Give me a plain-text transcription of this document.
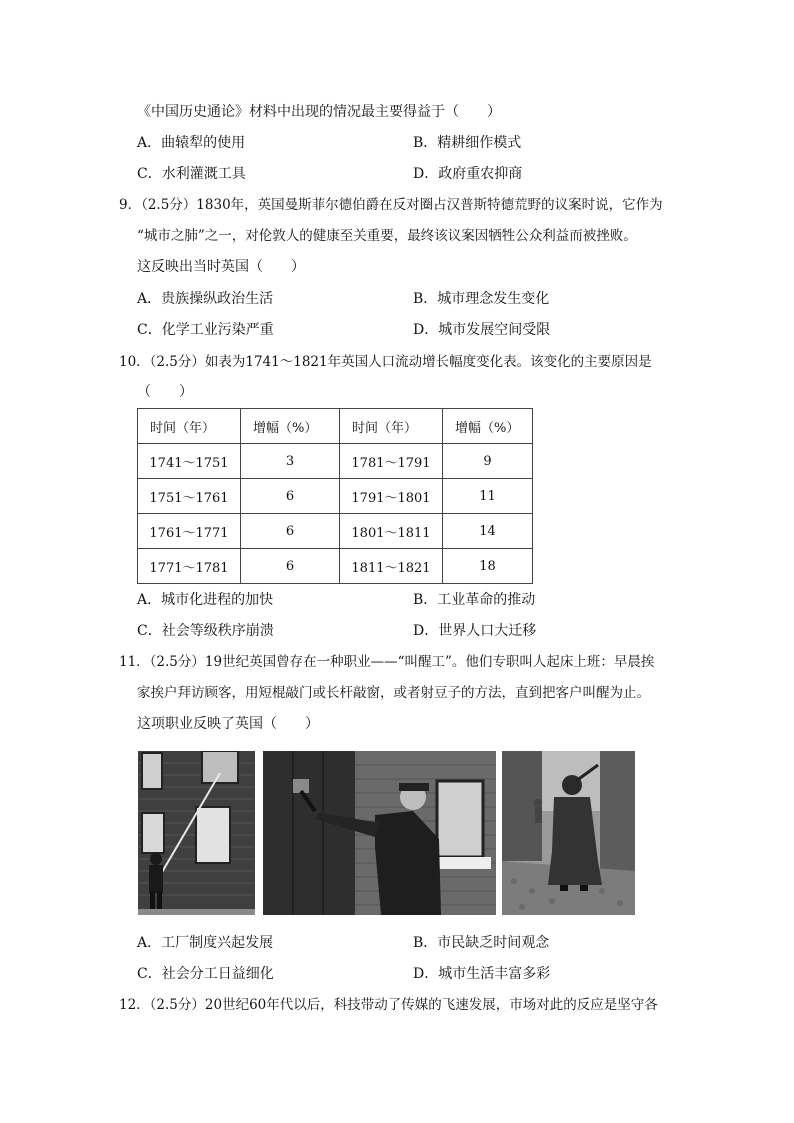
《中国历史通论》材料中出现的情况最主要得益于（　　）
A．曲辕犁的使用	B．精耕细作模式
C．水利灌溉工具	D．政府重农抑商
9．（2.5分）1830年，英国曼斯菲尔德伯爵在反对圈占汉普斯特德荒野的议案时说，它作为
“城市之肺”之一，对伦敦人的健康至关重要，最终该议案因牺牲公众利益而被挫败。
这反映出当时英国（　　）
A．贵族操纵政治生活	B．城市理念发生变化
C．化学工业污染严重	D．城市发展空间受限
10．（2.5分）如表为1741～1821年英国人口流动增长幅度变化表。该变化的主要原因是
（　　）
时间（年）	增幅（%）	时间（年）	增幅（%）
1741～1751	3	1781～1791	9
1751～1761	6	1791～1801	11
1761～1771	6	1801～1811	14
1771～1781	6	1811～1821	18
A．城市化进程的加快	B．工业革命的推动
C．社会等级秩序崩溃	D．世界人口大迁移
11．（2.5分）19世纪英国曾存在一种职业——“叫醒工”。他们专职叫人起床上班：早晨挨
家挨户拜访顾客，用短棍敲门或长杆敲窗，或者射豆子的方法，直到把客户叫醒为止。
这项职业反映了英国（　　）
A．工厂制度兴起发展	B．市民缺乏时间观念
C．社会分工日益细化	D．城市生活丰富多彩
12．（2.5分）20世纪60年代以后，科技带动了传媒的飞速发展，市场对此的反应是坚守各
